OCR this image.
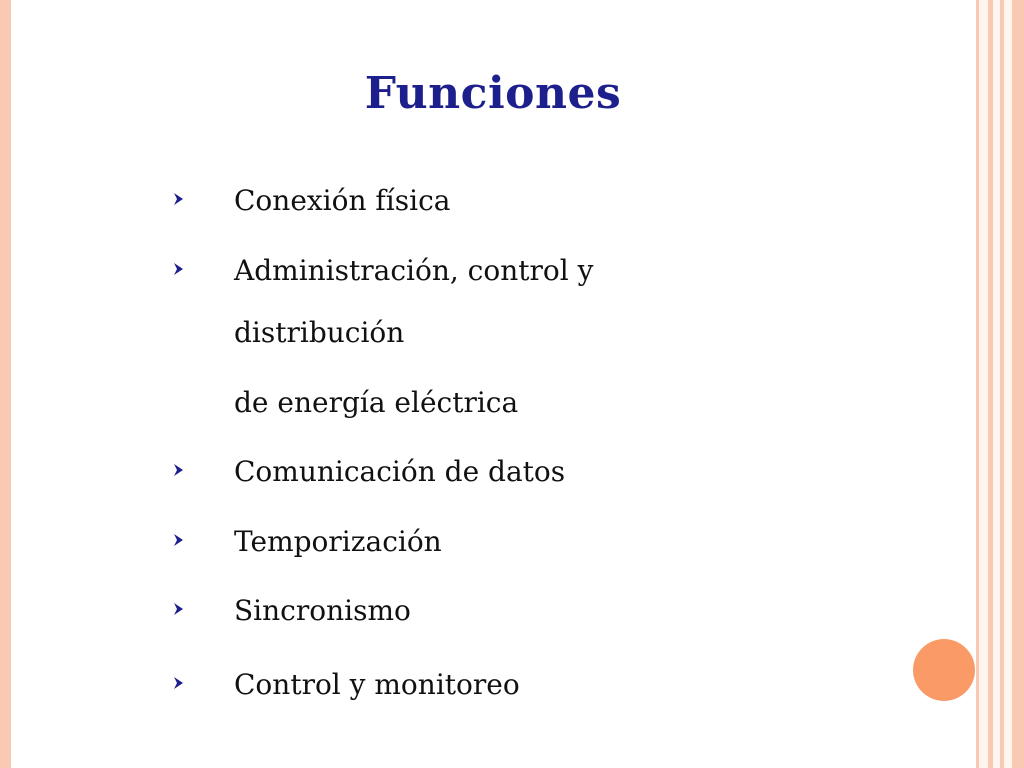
Funciones
Conexión física
Administración, control y
Comunicación de datos
Temporización
Sincronismo
Control y monitoreo
distribución
de energía eléctrica
